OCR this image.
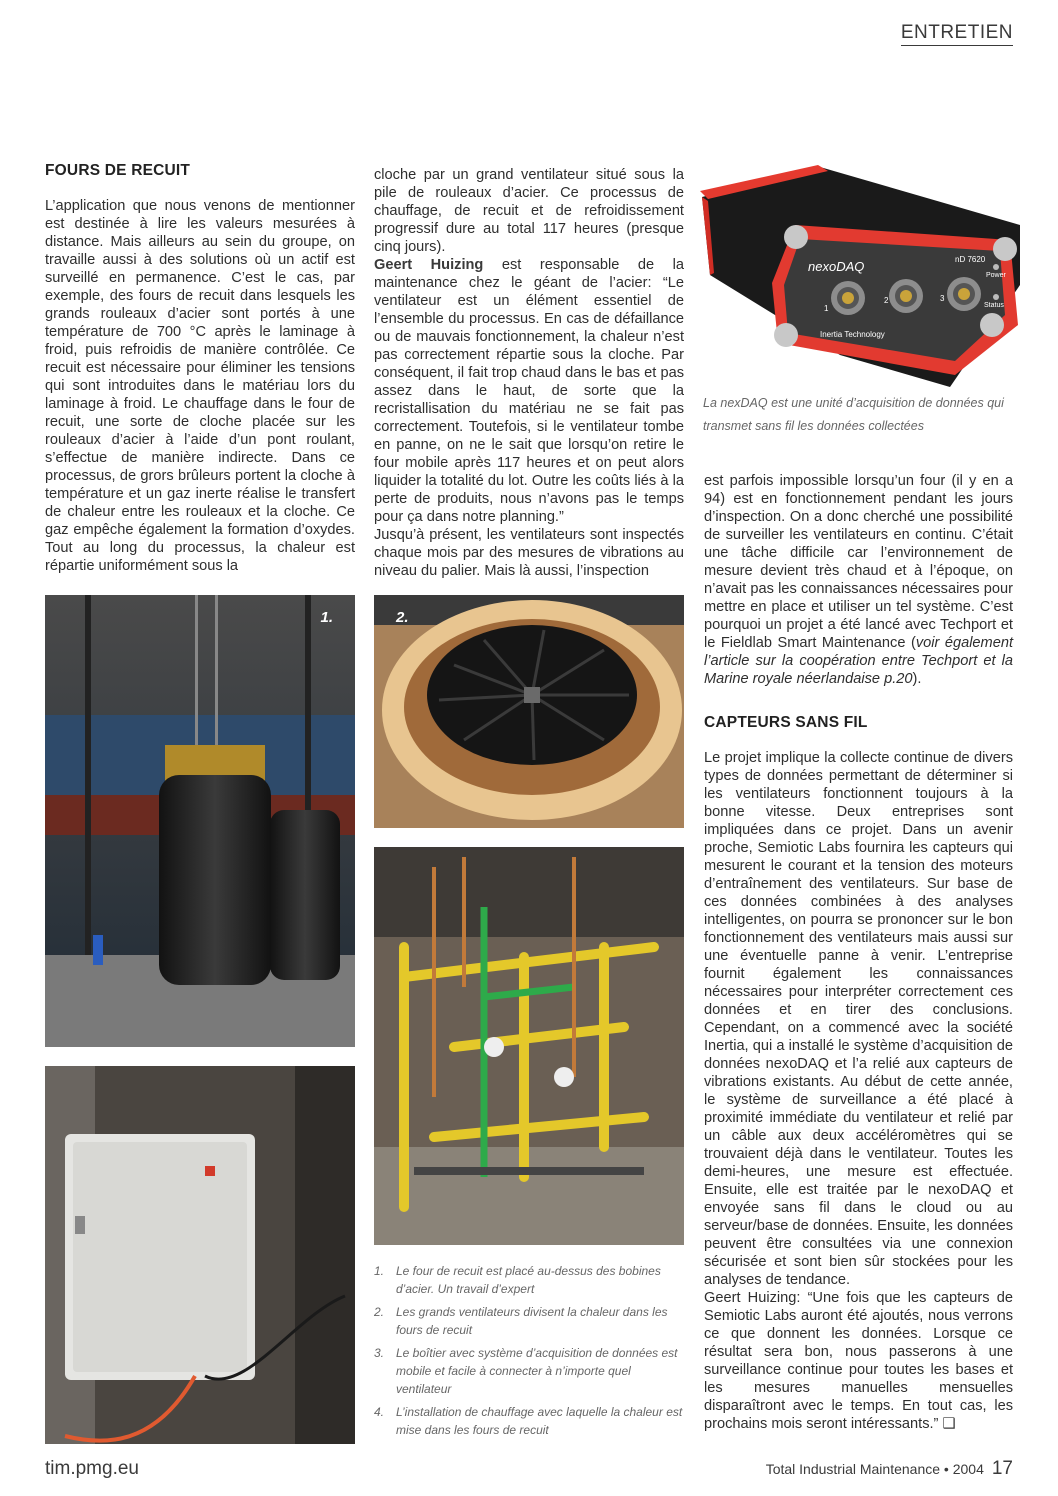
ENTRETIEN
FOURS DE RECUIT

L’application que nous venons de mentionner est destinée à lire les valeurs mesurées à distance. Mais ailleurs au sein du groupe, on travaille aussi à des solutions où un actif est surveillé en permanence. C’est le cas, par exemple, des fours de recuit dans lesquels les grands rouleaux d’acier sont portés à une température de 700 °C après le laminage à froid, puis refroidis de manière contrôlée. Ce recuit est nécessaire pour éliminer les tensions qui sont introduites dans le matériau lors du laminage à froid. Le chauffage dans le four de recuit, une sorte de cloche placée sur les rouleaux d’acier à l’aide d’un pont roulant, s’effectue de manière indirecte. Dans ce processus, de grors brûleurs portent la cloche à température et un gaz inerte réalise le transfert de chaleur entre les rouleaux et la cloche. Ce gaz empêche également la formation d’oxydes. Tout au long du processus, la chaleur est répartie uniformément sous la

cloche par un grand ventilateur situé sous la pile de rouleaux d’acier. Ce processus de chauffage, de recuit et de refroidissement progressif dure au total 117 heures (presque cinq jours).

Geert Huizing est responsable de la maintenance chez le géant de l’acier: “Le ventilateur est un élément essentiel de l’ensemble du processus. En cas de défaillance ou de mauvais fonctionnement, la chaleur n’est pas correctement répartie sous la cloche. Par conséquent, il fait trop chaud dans le bas et pas assez dans le haut, de sorte que la recristallisation du matériau ne se fait pas correctement. Toutefois, si le ventilateur tombe en panne, on ne le sait que lorsqu’on retire le four mobile après 117 heures et on peut alors liquider la totalité du lot. Outre les coûts liés à la perte de produits, nous n’avons pas le temps pour ça dans notre planning.”

Jusqu’à présent, les ventilateurs sont inspectés chaque mois par des mesures de vibrations au niveau du palier. Mais là aussi, l’inspection

nexoDAQ	nD 7620
Inertia Technology
Power
Status
1
2	3
La nexDAQ est une unité d’acquisition de données qui transmet sans fil les données collectées

est parfois impossible lorsqu’un four (il y en a 94) est en fonctionnement pendant les jours d’inspection. On a donc cherché une possibilité de surveiller les ventilateurs en continu. C’était une tâche difficile car l’environnement de mesure devient très chaud et à l’époque, on n’avait pas les connaissances nécessaires pour mettre en place et utiliser un tel système. C’est pourquoi un projet a été lancé avec Techport et le Fieldlab Smart Maintenance (voir également l’article sur la coopération entre Techport et la Marine royale néerlandaise p.20).

CAPTEURS SANS FIL

Le projet implique la collecte continue de divers types de données permettant de déterminer si les ventilateurs fonctionnent toujours à la bonne vitesse. Deux entreprises sont impliquées dans ce projet. Dans un avenir proche, Semiotic Labs fournira les capteurs qui mesurent le courant et la tension des moteurs d’entraînement des ventilateurs. Sur base de ces données combinées à des analyses intelligentes, on pourra se prononcer sur le bon fonctionnement des ventilateurs mais aussi sur une éventuelle panne à venir. L’entreprise fournit également les connaissances nécessaires pour interpréter correctement ces données et en tirer des conclusions. Cependant, on a commencé avec la société Inertia, qui a installé le système d’acquisition de données nexoDAQ et l’a relié aux capteurs de vibrations existants. Au début de cette année, le système de surveillance a été placé à proximité immédiate du ventilateur et relié par un câble aux deux accéléromètres qui se trouvaient déjà dans le ventilateur. Toutes les demi-heures, une mesure est effectuée. Ensuite, elle est traitée par le nexoDAQ et envoyée sans fil dans le cloud ou au serveur/base de données. Ensuite, les données peuvent être consultées via une connexion sécurisée et sont bien sûr stockées pour les analyses de tendance.

Geert Huizing: “Une fois que les capteurs de Semiotic Labs auront été ajoutés, nous verrons ce que donnent les données. Lorsque ce résultat sera bon, nous passerons à une surveillance continue pour toutes les bases et les mesures manuelles mensuelles disparaîtront avec le temps. En tout cas, les prochains mois seront intéressants.” ❑

1.	2.
1. Le four de recuit est placé au-dessus des bobines d’acier. Un travail d’expert
2. Les grands ventilateurs divisent la chaleur dans les fours de recuit
3. Le boîtier avec système d’acquisition de données est mobile et facile à connecter à n’importe quel ventilateur
4. L’installation de chauffage avec laquelle la chaleur est mise dans les fours de recuit
tim.pmg.eu	Total Industrial Maintenance • 2004 17
